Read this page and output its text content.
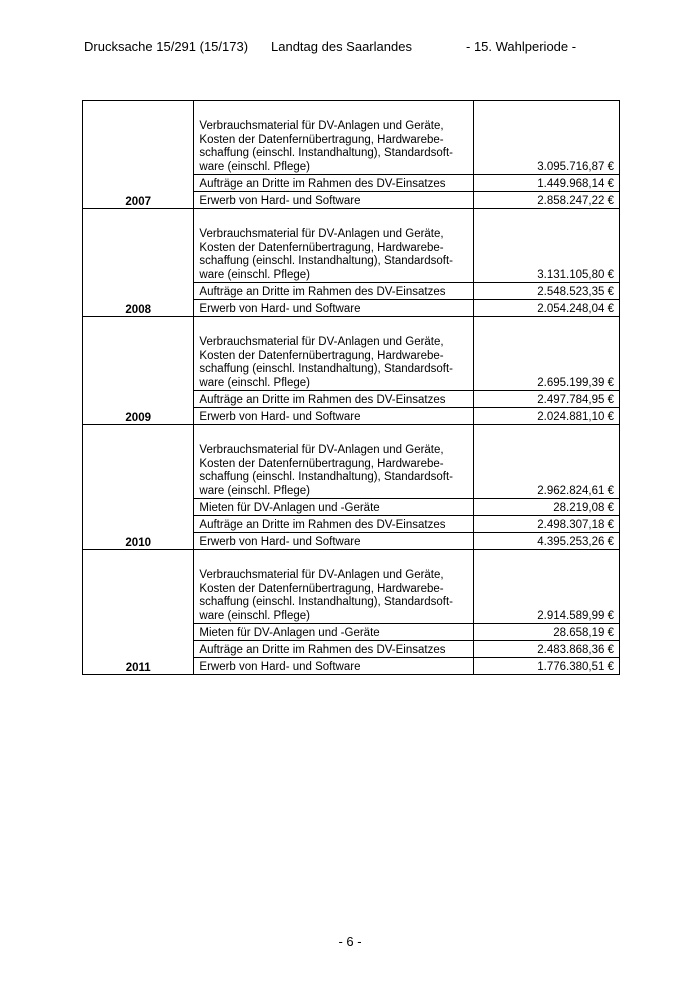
Drucksache 15/291 (15/173) Landtag des Saarlandes	- 15. Wahlperiode -
2007	Verbrauchsmaterial für DV-Anlagen und Geräte, Kosten der Datenfernübertragung, Hardwarebe-schaffung (einschl. Instandhaltung), Standardsoft-ware (einschl. Pflege)	3.095.716,87 €
	Aufträge an Dritte im Rahmen des DV-Einsatzes	1.449.968,14 €
	Erwerb von Hard- und Software	2.858.247,22 €
2008	Verbrauchsmaterial für DV-Anlagen und Geräte, Kosten der Datenfernübertragung, Hardwarebe-schaffung (einschl. Instandhaltung), Standardsoft-ware (einschl. Pflege)	3.131.105,80 €
	Aufträge an Dritte im Rahmen des DV-Einsatzes	2.548.523,35 €
	Erwerb von Hard- und Software	2.054.248,04 €
2009	Verbrauchsmaterial für DV-Anlagen und Geräte, Kosten der Datenfernübertragung, Hardwarebe-schaffung (einschl. Instandhaltung), Standardsoft-ware (einschl. Pflege)	2.695.199,39 €
	Aufträge an Dritte im Rahmen des DV-Einsatzes	2.497.784,95 €
	Erwerb von Hard- und Software	2.024.881,10 €
2010	Verbrauchsmaterial für DV-Anlagen und Geräte, Kosten der Datenfernübertragung, Hardwarebe-schaffung (einschl. Instandhaltung), Standardsoft-ware (einschl. Pflege)	2.962.824,61 €
	Mieten für DV-Anlagen und -Geräte	28.219,08 €
	Aufträge an Dritte im Rahmen des DV-Einsatzes	2.498.307,18 €
	Erwerb von Hard- und Software	4.395.253,26 €
2011	Verbrauchsmaterial für DV-Anlagen und Geräte, Kosten der Datenfernübertragung, Hardwarebe-schaffung (einschl. Instandhaltung), Standardsoft-ware (einschl. Pflege)	2.914.589,99 €
	Mieten für DV-Anlagen und -Geräte	28.658,19 €
	Aufträge an Dritte im Rahmen des DV-Einsatzes	2.483.868,36 €
	Erwerb von Hard- und Software	1.776.380,51 €
- 6 -
